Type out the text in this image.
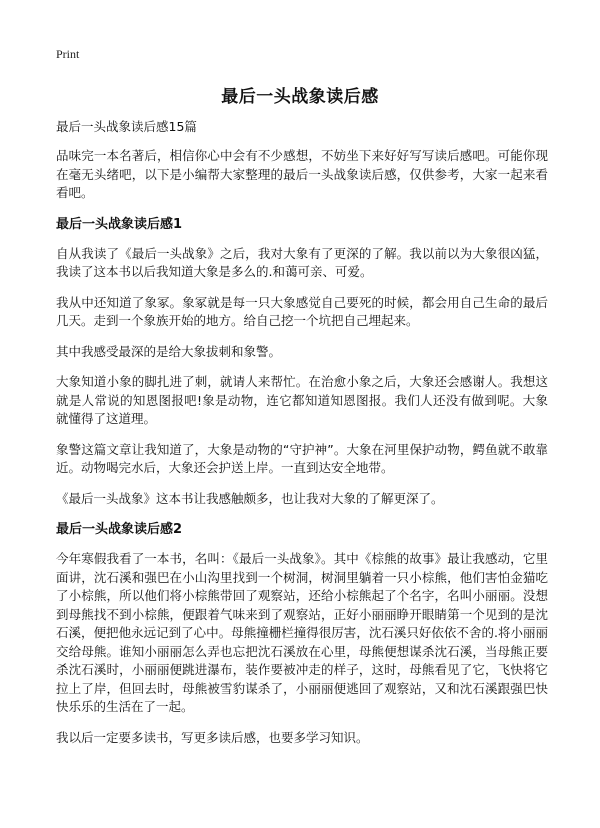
Print
最后一头战象读后感

最后一头战象读后感15篇

品味完一本名著后，相信你心中会有不少感想，不妨坐下来好好写写读后感吧。可能你现在毫无头绪吧，以下是小编帮大家整理的最后一头战象读后感，仅供参考，大家一起来看看吧。

最后一头战象读后感1

自从我读了《最后一头战象》之后，我对大象有了更深的了解。我以前以为大象很凶猛，我读了这本书以后我知道大象是多么的.和蔼可亲、可爱。

我从中还知道了象冢。象冢就是每一只大象感觉自己要死的时候，都会用自己生命的最后几天。走到一个象族开始的地方。给自己挖一个坑把自己埋起来。

其中我感受最深的是给大象拔刺和象警。

大象知道小象的脚扎进了刺，就请人来帮忙。在治愈小象之后，大象还会感谢人。我想这就是人常说的知恩图报吧!象是动物，连它都知道知恩图报。我们人还没有做到呢。大象就懂得了这道理。

象警这篇文章让我知道了，大象是动物的“守护神”。大象在河里保护动物，鳄鱼就不敢靠近。动物喝完水后，大象还会护送上岸。一直到达安全地带。

《最后一头战象》这本书让我感触颇多，也让我对大象的了解更深了。

最后一头战象读后感2

今年寒假我看了一本书，名叫：《最后一头战象》。其中《棕熊的故事》最让我感动，它里面讲，沈石溪和强巴在小山沟里找到一个树洞，树洞里躺着一只小棕熊，他们害怕金猫吃了小棕熊，所以他们将小棕熊带回了观察站，还给小棕熊起了个名字，名叫小丽丽。没想到母熊找不到小棕熊，便跟着气味来到了观察站，正好小丽丽睁开眼睛第一个见到的是沈石溪，便把他永远记到了心中。母熊撞栅栏撞得很厉害，沈石溪只好依依不舍的.将小丽丽交给母熊。谁知小丽丽怎么弄也忘把沈石溪放在心里，母熊便想谋杀沈石溪，当母熊正要杀沈石溪时，小丽丽便跳进瀑布，装作要被冲走的样子，这时，母熊看见了它，飞快将它拉上了岸，但回去时，母熊被雪豹谋杀了，小丽丽便逃回了观察站，又和沈石溪跟强巴快快乐乐的生活在了一起。

我以后一定要多读书，写更多读后感，也要多学习知识。
